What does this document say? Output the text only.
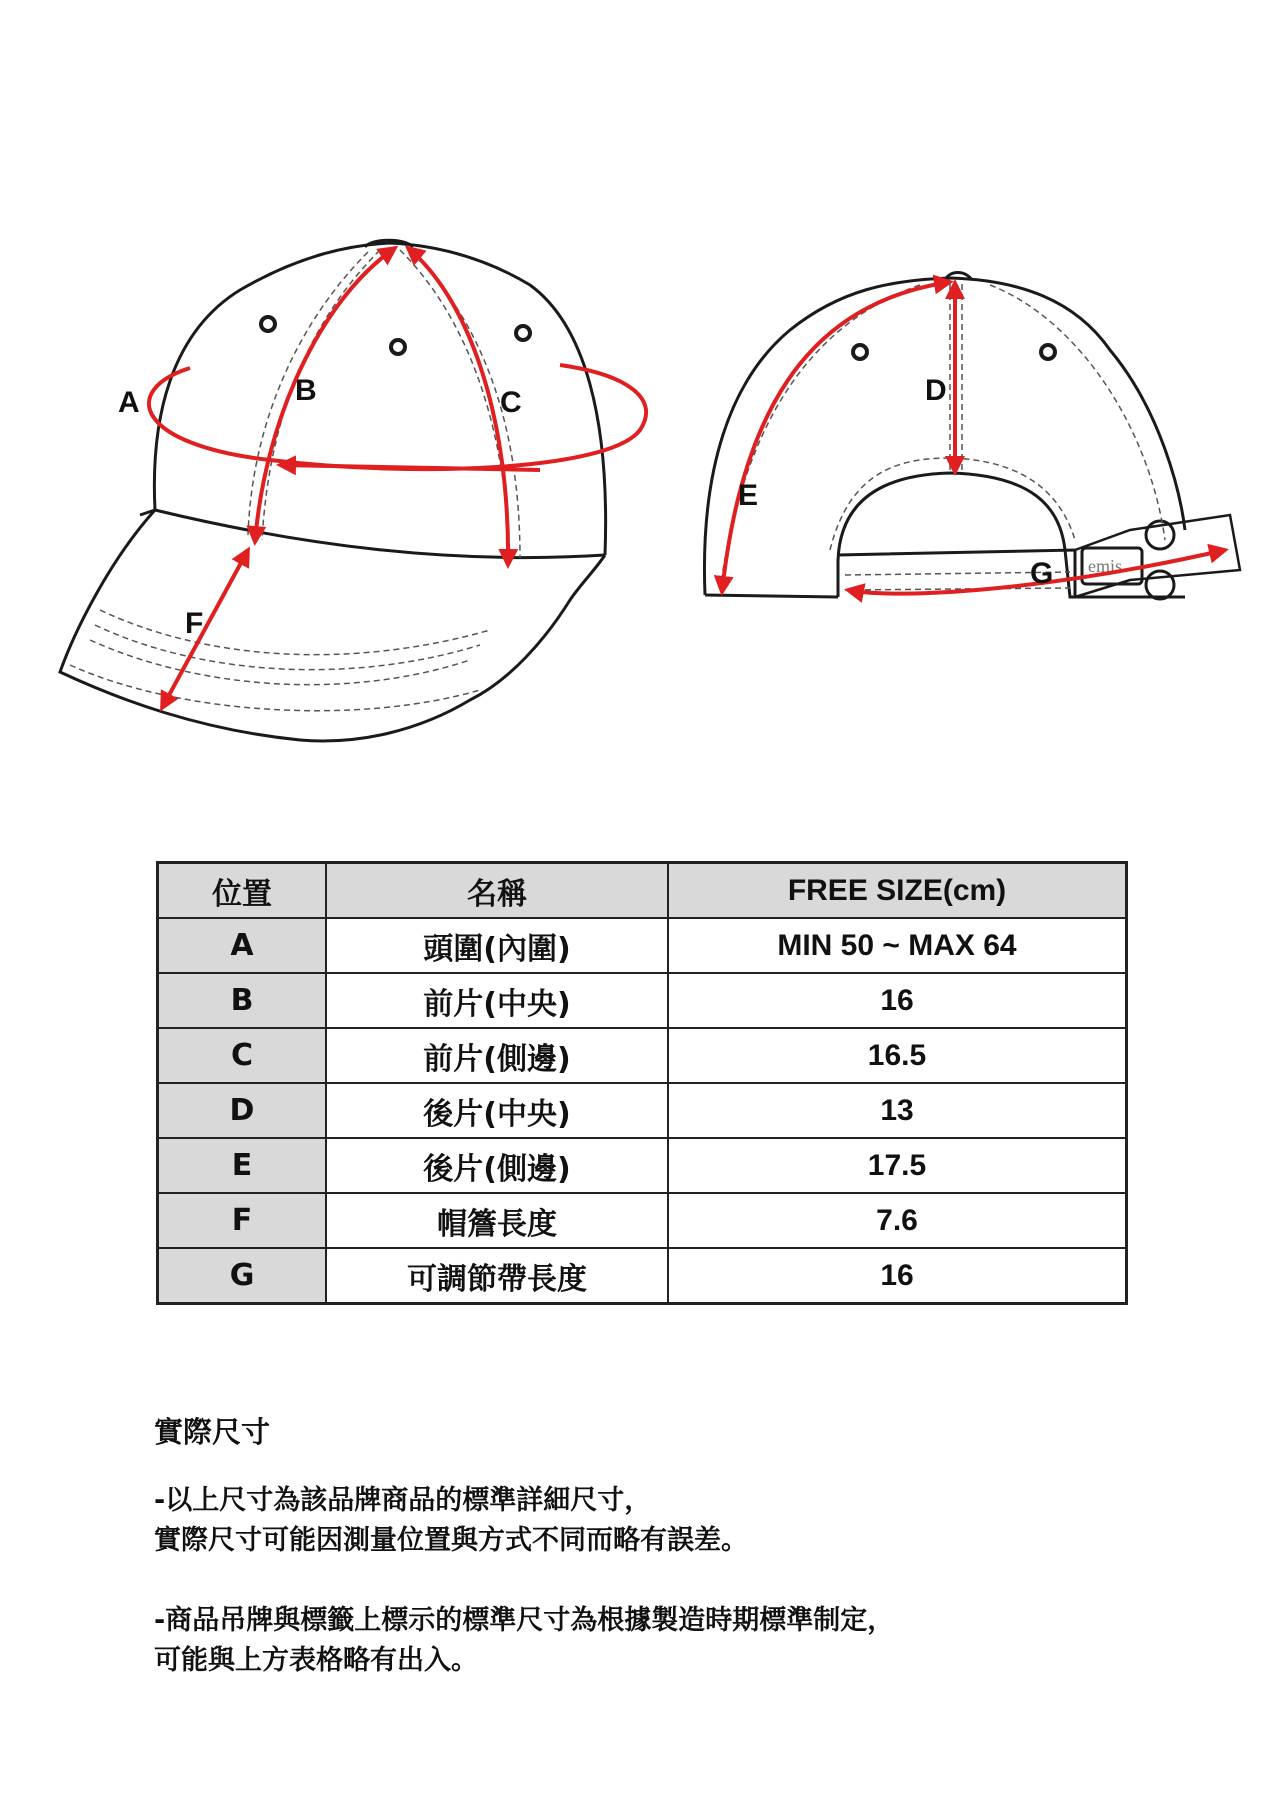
emis
A	B	C
F
D
E
G
位置	名稱	FREE SIZE(cm)
A	頭圍(內圍)	MIN 50 ~ MAX 64
B	前片(中央)	16
C	前片(側邊)	16.5
D	後片(中央)	13
E	後片(側邊)	17.5
F	帽簷長度	7.6
G	可調節帶長度	16
實際尺寸
-以上尺寸為該品牌商品的標準詳細尺寸，
實際尺寸可能因測量位置與方式不同而略有誤差。
-商品吊牌與標籤上標示的標準尺寸為根據製造時期標準制定，
可能與上方表格略有出入。
